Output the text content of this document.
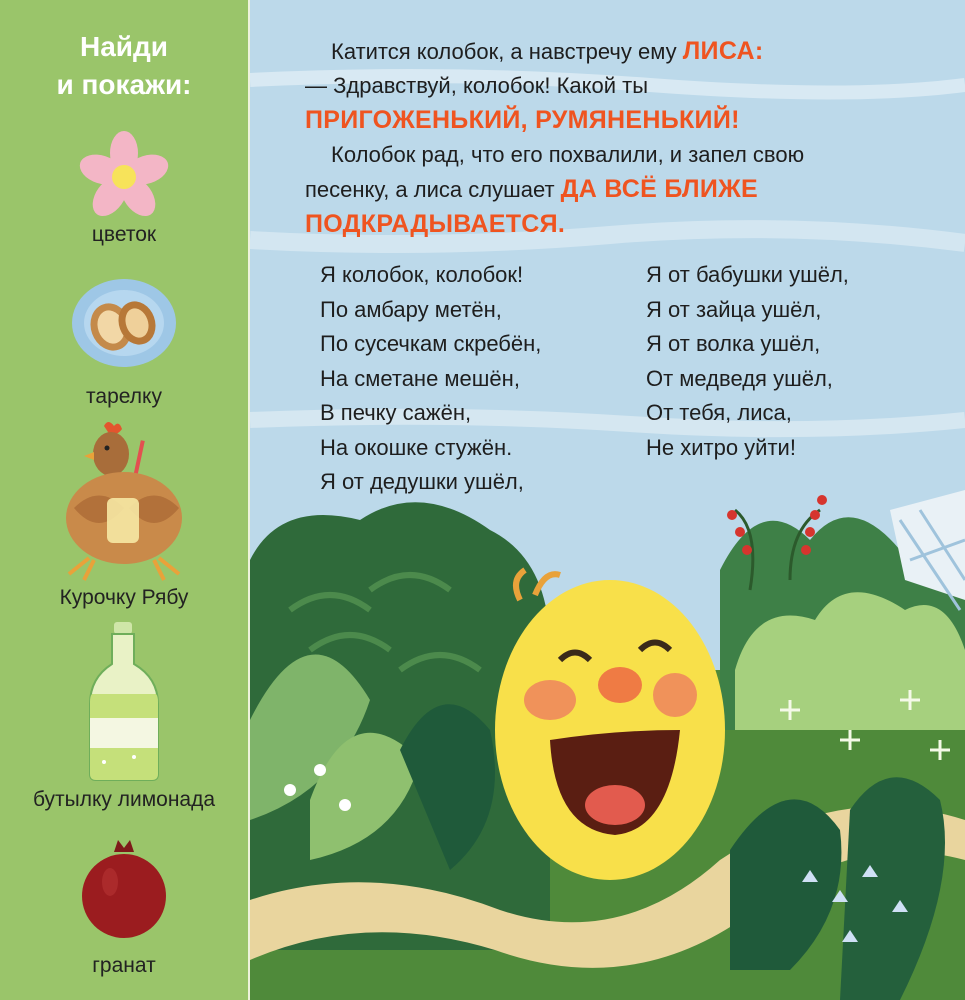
Найди
и покажи:
цветок
тарелку
Курочку Рябу
бутылку лимонада
гранат

Катится колобок, а навстречу ему ЛИСА:

— Здравствуй, колобок! Какой ты

ПРИГОЖЕНЬКИЙ, РУМЯНЕНЬКИЙ!

Колобок рад, что его похвалили, и запел свою

песенку, а лиса слушает ДА ВСЁ БЛИЖЕ

ПОДКРАДЫВАЕТСЯ.

Я колобок, колобок!
По амбару метён,
По сусечкам скребён,
На сметане мешён,
В печку сажён,
На окошке стужён.
Я от дедушки ушёл,
Я от бабушки ушёл,
Я от зайца ушёл,
Я от волка ушёл,
От медведя ушёл,
От тебя, лиса,
Не хитро уйти!
